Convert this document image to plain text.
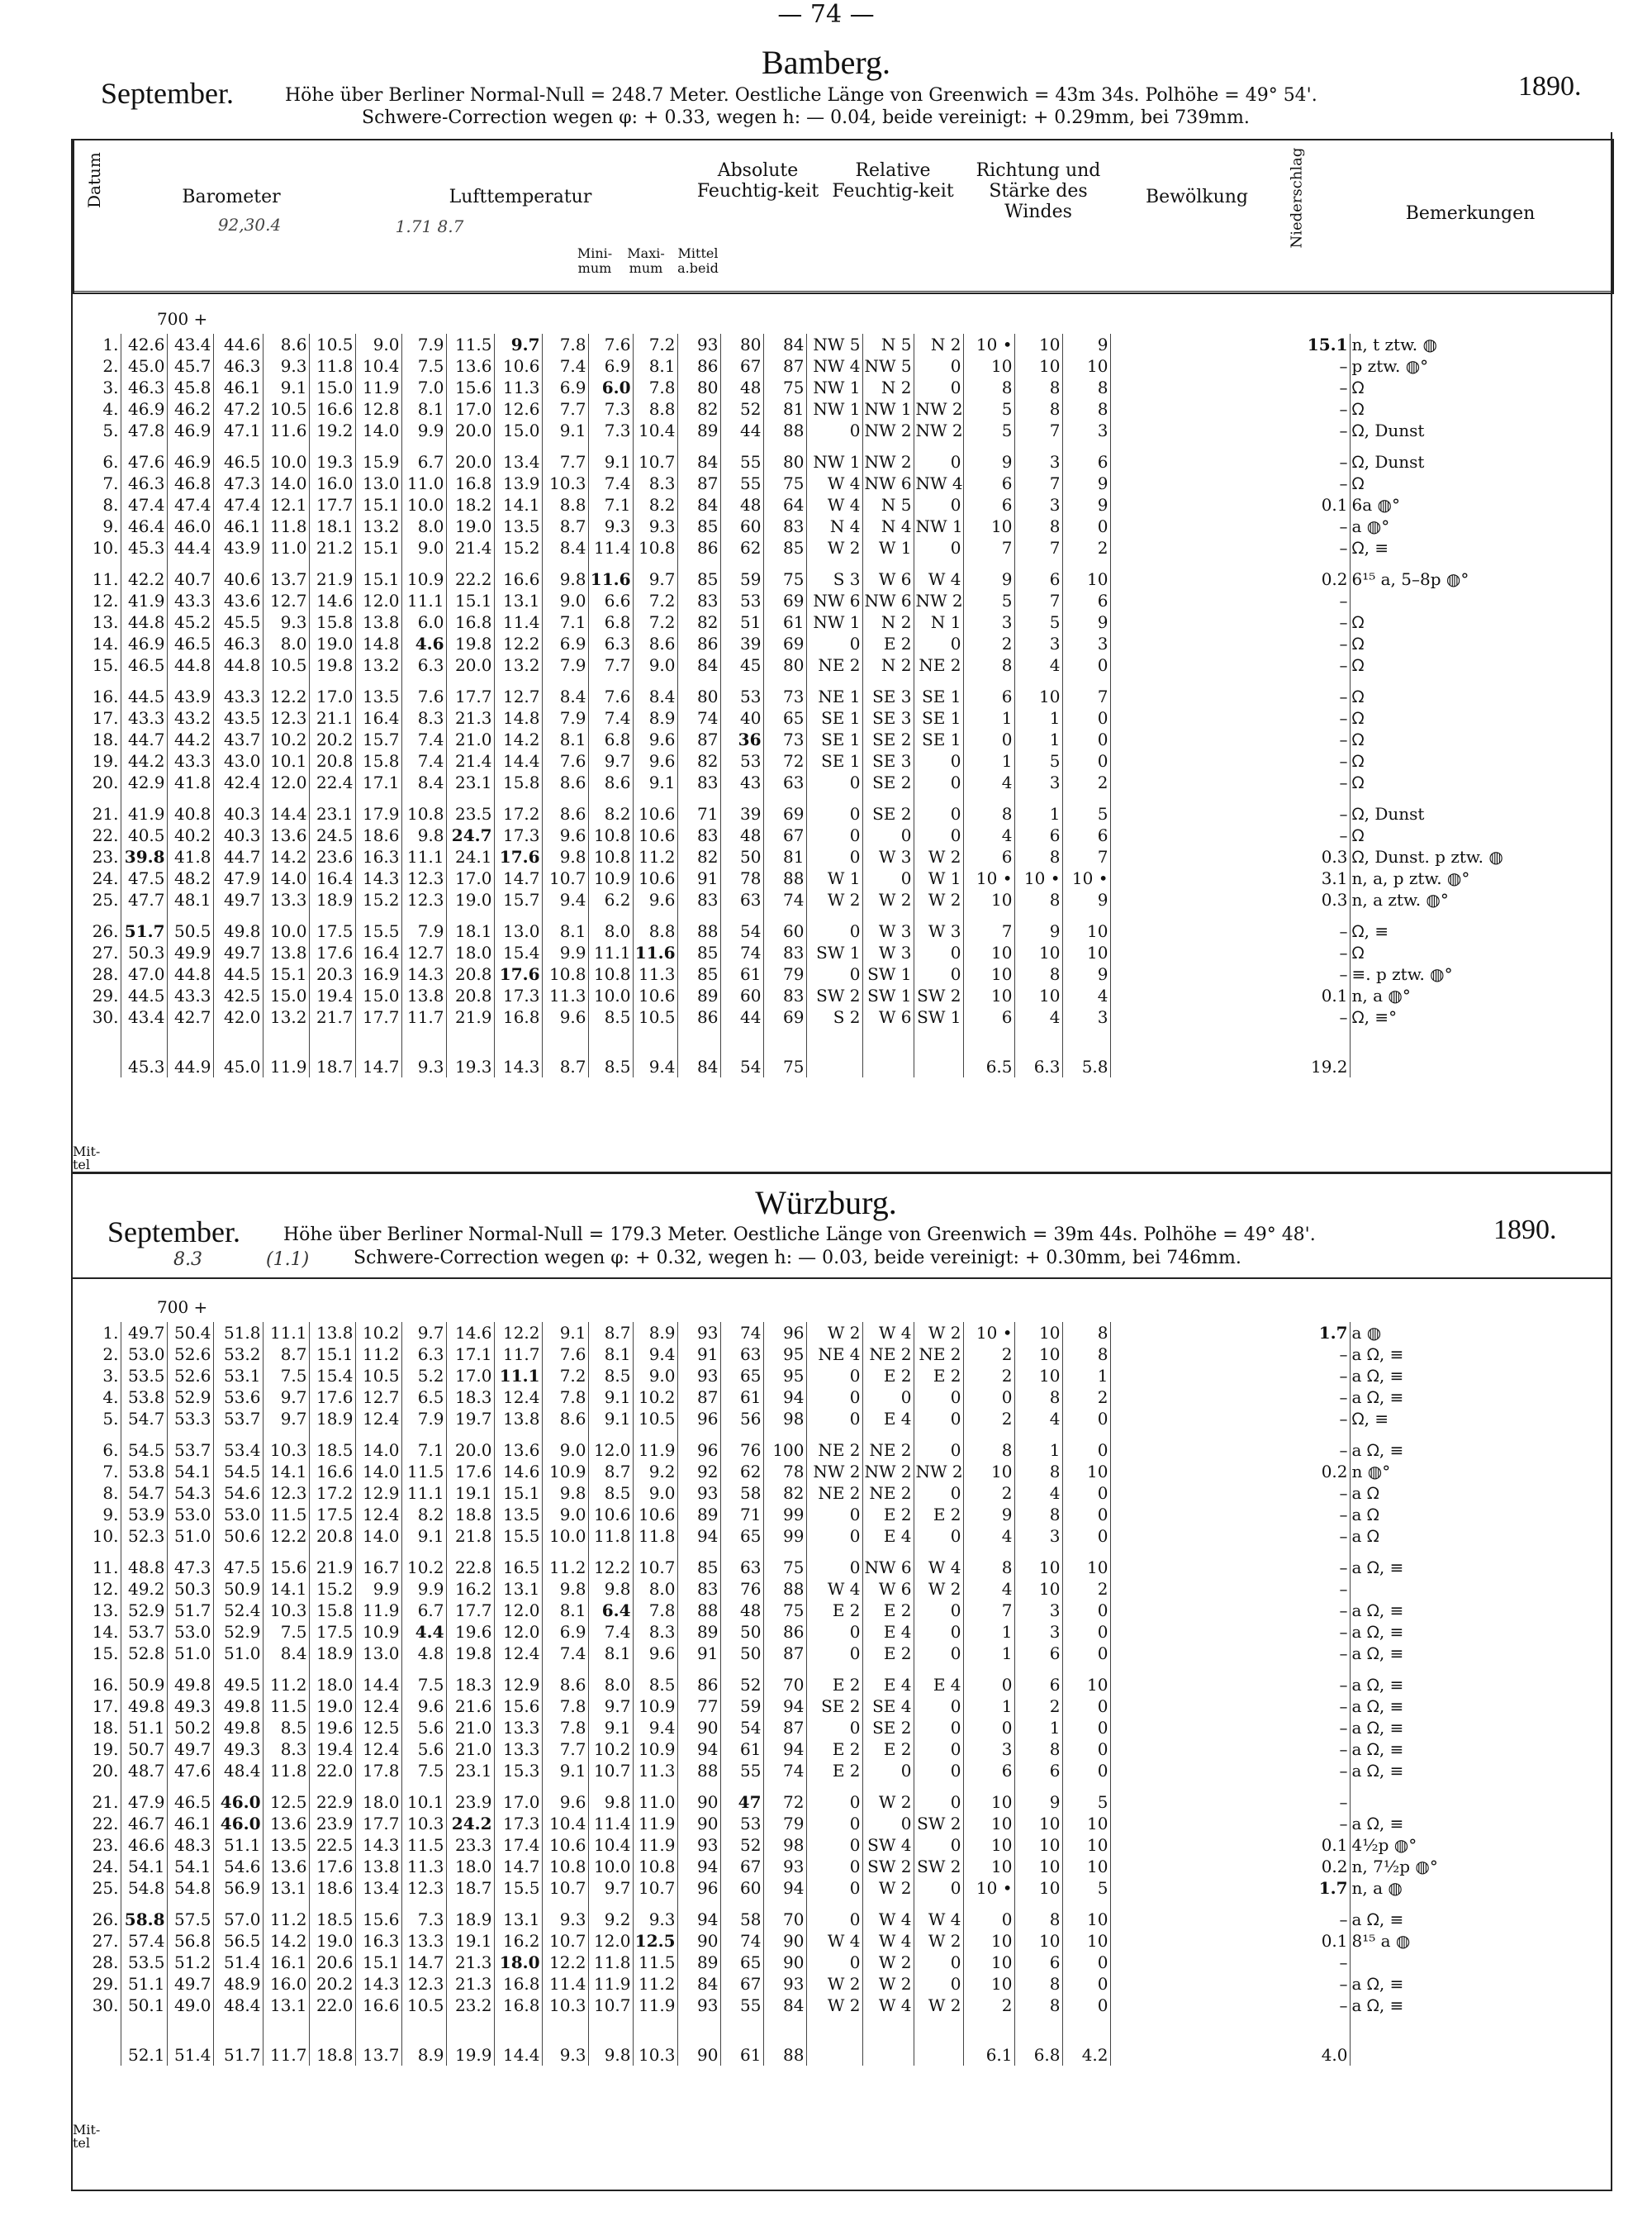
— 74 —
Bamberg.
September.	Höhe über Berliner Normal-Null = 248.7 Meter. Oestliche Länge von Greenwich = 43m 34s. Polhöhe = 49° 54'.
Schwere-Correction wegen φ: + 0.33, wegen h: — 0.04, beide vereinigt: + 0.29mm, bei 739mm.
1890.
Datum	Barometer	Lufttemperatur
Absolute Feuchtig-keit
Relative Feuchtig-keit
Richtung und Stärke des Windes
Bewölkung	Niederschlag	Bemerkungen
92,30.4	1.71 8.7
Mini-mum
Maxi-mum
Mittel a.beid
700 +
1.	42.6	43.4	44.6	8.6	10.5	9.0	7.9	11.5	9.7	7.8	7.6	7.2	93	80	84	NW 5	N 5	N 2	10 •	10	9	15.1	n, t ztw. ◍
2.	45.0	45.7	46.3	9.3	11.8	10.4	7.5	13.6	10.6	7.4	6.9	8.1	86	67	87	NW 4	NW 5	0	10	10	10	–	p ztw. ◍°
3.	46.3	45.8	46.1	9.1	15.0	11.9	7.0	15.6	11.3	6.9	6.0	7.8	80	48	75	NW 1	N 2	0	8	8	8	–	ᘯ
4.	46.9	46.2	47.2	10.5	16.6	12.8	8.1	17.0	12.6	7.7	7.3	8.8	82	52	81	NW 1	NW 1	NW 2	5	8	8	–	ᘯ
5.	47.8	46.9	47.1	11.6	19.2	14.0	9.9	20.0	15.0	9.1	7.3	10.4	89	44	88	0	NW 2	NW 2	5	7	3	–	ᘯ, Dunst
6.	47.6	46.9	46.5	10.0	19.3	15.9	6.7	20.0	13.4	7.7	9.1	10.7	84	55	80	NW 1	NW 2	0	9	3	6	–	ᘯ, Dunst
7.	46.3	46.8	47.3	14.0	16.0	13.0	11.0	16.8	13.9	10.3	7.4	8.3	87	55	75	W 4	NW 6	NW 4	6	7	9	–	ᘯ
8.	47.4	47.4	47.4	12.1	17.7	15.1	10.0	18.2	14.1	8.8	7.1	8.2	84	48	64	W 4	N 5	0	6	3	9	0.1	6a ◍°
9.	46.4	46.0	46.1	11.8	18.1	13.2	8.0	19.0	13.5	8.7	9.3	9.3	85	60	83	N 4	N 4	NW 1	10	8	0	–	a ◍°
10.	45.3	44.4	43.9	11.0	21.2	15.1	9.0	21.4	15.2	8.4	11.4	10.8	86	62	85	W 2	W 1	0	7	7	2	–	ᘯ, ≡
11.	42.2	40.7	40.6	13.7	21.9	15.1	10.9	22.2	16.6	9.8	11.6	9.7	85	59	75	S 3	W 6	W 4	9	6	10	0.2	6¹⁵ a, 5–8p ◍°
12.	41.9	43.3	43.6	12.7	14.6	12.0	11.1	15.1	13.1	9.0	6.6	7.2	83	53	69	NW 6	NW 6	NW 2	5	7	6	–	
13.	44.8	45.2	45.5	9.3	15.8	13.8	6.0	16.8	11.4	7.1	6.8	7.2	82	51	61	NW 1	N 2	N 1	3	5	9	–	ᘯ
14.	46.9	46.5	46.3	8.0	19.0	14.8	4.6	19.8	12.2	6.9	6.3	8.6	86	39	69	0	E 2	0	2	3	3	–	ᘯ
15.	46.5	44.8	44.8	10.5	19.8	13.2	6.3	20.0	13.2	7.9	7.7	9.0	84	45	80	NE 2	N 2	NE 2	8	4	0	–	ᘯ
16.	44.5	43.9	43.3	12.2	17.0	13.5	7.6	17.7	12.7	8.4	7.6	8.4	80	53	73	NE 1	SE 3	SE 1	6	10	7	–	ᘯ
17.	43.3	43.2	43.5	12.3	21.1	16.4	8.3	21.3	14.8	7.9	7.4	8.9	74	40	65	SE 1	SE 3	SE 1	1	1	0	–	ᘯ
18.	44.7	44.2	43.7	10.2	20.2	15.7	7.4	21.0	14.2	8.1	6.8	9.6	87	36	73	SE 1	SE 2	SE 1	0	1	0	–	ᘯ
19.	44.2	43.3	43.0	10.1	20.8	15.8	7.4	21.4	14.4	7.6	9.7	9.6	82	53	72	SE 1	SE 3	0	1	5	0	–	ᘯ
20.	42.9	41.8	42.4	12.0	22.4	17.1	8.4	23.1	15.8	8.6	8.6	9.1	83	43	63	0	SE 2	0	4	3	2	–	ᘯ
21.	41.9	40.8	40.3	14.4	23.1	17.9	10.8	23.5	17.2	8.6	8.2	10.6	71	39	69	0	SE 2	0	8	1	5	–	ᘯ, Dunst
22.	40.5	40.2	40.3	13.6	24.5	18.6	9.8	24.7	17.3	9.6	10.8	10.6	83	48	67	0	0	0	4	6	6	–	ᘯ
23.	39.8	41.8	44.7	14.2	23.6	16.3	11.1	24.1	17.6	9.8	10.8	11.2	82	50	81	0	W 3	W 2	6	8	7	0.3	ᘯ, Dunst. p ztw. ◍
24.	47.5	48.2	47.9	14.0	16.4	14.3	12.3	17.0	14.7	10.7	10.9	10.6	91	78	88	W 1	0	W 1	10 •	10 •	10 •	3.1	n, a, p ztw. ◍°
25.	47.7	48.1	49.7	13.3	18.9	15.2	12.3	19.0	15.7	9.4	6.2	9.6	83	63	74	W 2	W 2	W 2	10	8	9	0.3	n, a ztw. ◍°
26.	51.7	50.5	49.8	10.0	17.5	15.5	7.9	18.1	13.0	8.1	8.0	8.8	88	54	60	0	W 3	W 3	7	9	10	–	ᘯ, ≡
27.	50.3	49.9	49.7	13.8	17.6	16.4	12.7	18.0	15.4	9.9	11.1	11.6	85	74	83	SW 1	W 3	0	10	10	10	–	ᘯ
28.	47.0	44.8	44.5	15.1	20.3	16.9	14.3	20.8	17.6	10.8	10.8	11.3	85	61	79	0	SW 1	0	10	8	9	–	≡. p ztw. ◍°
29.	44.5	43.3	42.5	15.0	19.4	15.0	13.8	20.8	17.3	11.3	10.0	10.6	89	60	83	SW 2	SW 1	SW 2	10	10	4	0.1	n, a ◍°
30.	43.4	42.7	42.0	13.2	21.7	17.7	11.7	21.9	16.8	9.6	8.5	10.5	86	44	69	S 2	W 6	SW 1	6	4	3	–	ᘯ, ≡°
	45.3	44.9	45.0	11.9	18.7	14.7	9.3	19.3	14.3	8.7	8.5	9.4	84	54	75				6.5	6.3	5.8	19.2	
Mit-tel
Würzburg.
September. Höhe über Berliner Normal-Null = 179.3 Meter. Oestliche Länge von Greenwich = 39m 44s. Polhöhe = 49° 48'.
Schwere-Correction wegen φ: + 0.32, wegen h: — 0.03, beide vereinigt: + 0.30mm, bei 746mm.
1890.
8.3	(1.1)
700 +
1.	49.7	50.4	51.8	11.1	13.8	10.2	9.7	14.6	12.2	9.1	8.7	8.9	93	74	96	W 2	W 4	W 2	10 •	10	8	1.7	a ◍
2.	53.0	52.6	53.2	8.7	15.1	11.2	6.3	17.1	11.7	7.6	8.1	9.4	91	63	95	NE 4	NE 2	NE 2	2	10	8	–	a ᘯ, ≡
3.	53.5	52.6	53.1	7.5	15.4	10.5	5.2	17.0	11.1	7.2	8.5	9.0	93	65	95	0	E 2	E 2	2	10	1	–	a ᘯ, ≡
4.	53.8	52.9	53.6	9.7	17.6	12.7	6.5	18.3	12.4	7.8	9.1	10.2	87	61	94	0	0	0	0	8	2	–	a ᘯ, ≡
5.	54.7	53.3	53.7	9.7	18.9	12.4	7.9	19.7	13.8	8.6	9.1	10.5	96	56	98	0	E 4	0	2	4	0	–	ᘯ, ≡
6.	54.5	53.7	53.4	10.3	18.5	14.0	7.1	20.0	13.6	9.0	12.0	11.9	96	76	100	NE 2	NE 2	0	8	1	0	–	a ᘯ, ≡
7.	53.8	54.1	54.5	14.1	16.6	14.0	11.5	17.6	14.6	10.9	8.7	9.2	92	62	78	NW 2	NW 2	NW 2	10	8	10	0.2	n ◍°
8.	54.7	54.3	54.6	12.3	17.2	12.9	11.1	19.1	15.1	9.8	8.5	9.0	93	58	82	NE 2	NE 2	0	2	4	0	–	a ᘯ
9.	53.9	53.0	53.0	11.5	17.5	12.4	8.2	18.8	13.5	9.0	10.6	10.6	89	71	99	0	E 2	E 2	9	8	0	–	a ᘯ
10.	52.3	51.0	50.6	12.2	20.8	14.0	9.1	21.8	15.5	10.0	11.8	11.8	94	65	99	0	E 4	0	4	3	0	–	a ᘯ
11.	48.8	47.3	47.5	15.6	21.9	16.7	10.2	22.8	16.5	11.2	12.2	10.7	85	63	75	0	NW 6	W 4	8	10	10	–	a ᘯ, ≡
12.	49.2	50.3	50.9	14.1	15.2	9.9	9.9	16.2	13.1	9.8	9.8	8.0	83	76	88	W 4	W 6	W 2	4	10	2	–	
13.	52.9	51.7	52.4	10.3	15.8	11.9	6.7	17.7	12.0	8.1	6.4	7.8	88	48	75	E 2	E 2	0	7	3	0	–	a ᘯ, ≡
14.	53.7	53.0	52.9	7.5	17.5	10.9	4.4	19.6	12.0	6.9	7.4	8.3	89	50	86	0	E 4	0	1	3	0	–	a ᘯ, ≡
15.	52.8	51.0	51.0	8.4	18.9	13.0	4.8	19.8	12.4	7.4	8.1	9.6	91	50	87	0	E 2	0	1	6	0	–	a ᘯ, ≡
16.	50.9	49.8	49.5	11.2	18.0	14.4	7.5	18.3	12.9	8.6	8.0	8.5	86	52	70	E 2	E 4	E 4	0	6	10	–	a ᘯ, ≡
17.	49.8	49.3	49.8	11.5	19.0	12.4	9.6	21.6	15.6	7.8	9.7	10.9	77	59	94	SE 2	SE 4	0	1	2	0	–	a ᘯ, ≡
18.	51.1	50.2	49.8	8.5	19.6	12.5	5.6	21.0	13.3	7.8	9.1	9.4	90	54	87	0	SE 2	0	0	1	0	–	a ᘯ, ≡
19.	50.7	49.7	49.3	8.3	19.4	12.4	5.6	21.0	13.3	7.7	10.2	10.9	94	61	94	E 2	E 2	0	3	8	0	–	a ᘯ, ≡
20.	48.7	47.6	48.4	11.8	22.0	17.8	7.5	23.1	15.3	9.1	10.7	11.3	88	55	74	E 2	0	0	6	6	0	–	a ᘯ, ≡
21.	47.9	46.5	46.0	12.5	22.9	18.0	10.1	23.9	17.0	9.6	9.8	11.0	90	47	72	0	W 2	0	10	9	5	–	
22.	46.7	46.1	46.0	13.6	23.9	17.7	10.3	24.2	17.3	10.4	11.4	11.9	90	53	79	0	0	SW 2	10	10	10	–	a ᘯ, ≡
23.	46.6	48.3	51.1	13.5	22.5	14.3	11.5	23.3	17.4	10.6	10.4	11.9	93	52	98	0	SW 4	0	10	10	10	0.1	4½p ◍°
24.	54.1	54.1	54.6	13.6	17.6	13.8	11.3	18.0	14.7	10.8	10.0	10.8	94	67	93	0	SW 2	SW 2	10	10	10	0.2	n, 7½p ◍°
25.	54.8	54.8	56.9	13.1	18.6	13.4	12.3	18.7	15.5	10.7	9.7	10.7	96	60	94	0	W 2	0	10 •	10	5	1.7	n, a ◍
26.	58.8	57.5	57.0	11.2	18.5	15.6	7.3	18.9	13.1	9.3	9.2	9.3	94	58	70	0	W 4	W 4	0	8	10	–	a ᘯ, ≡
27.	57.4	56.8	56.5	14.2	19.0	16.3	13.3	19.1	16.2	10.7	12.0	12.5	90	74	90	W 4	W 4	W 2	10	10	10	0.1	8¹⁵ a ◍
28.	53.5	51.2	51.4	16.1	20.6	15.1	14.7	21.3	18.0	12.2	11.8	11.5	89	65	90	0	W 2	0	10	6	0	–	
29.	51.1	49.7	48.9	16.0	20.2	14.3	12.3	21.3	16.8	11.4	11.9	11.2	84	67	93	W 2	W 2	0	10	8	0	–	a ᘯ, ≡
30.	50.1	49.0	48.4	13.1	22.0	16.6	10.5	23.2	16.8	10.3	10.7	11.9	93	55	84	W 2	W 4	W 2	2	8	0	–	a ᘯ, ≡
	52.1	51.4	51.7	11.7	18.8	13.7	8.9	19.9	14.4	9.3	9.8	10.3	90	61	88				6.1	6.8	4.2	4.0	
Mit-tel
